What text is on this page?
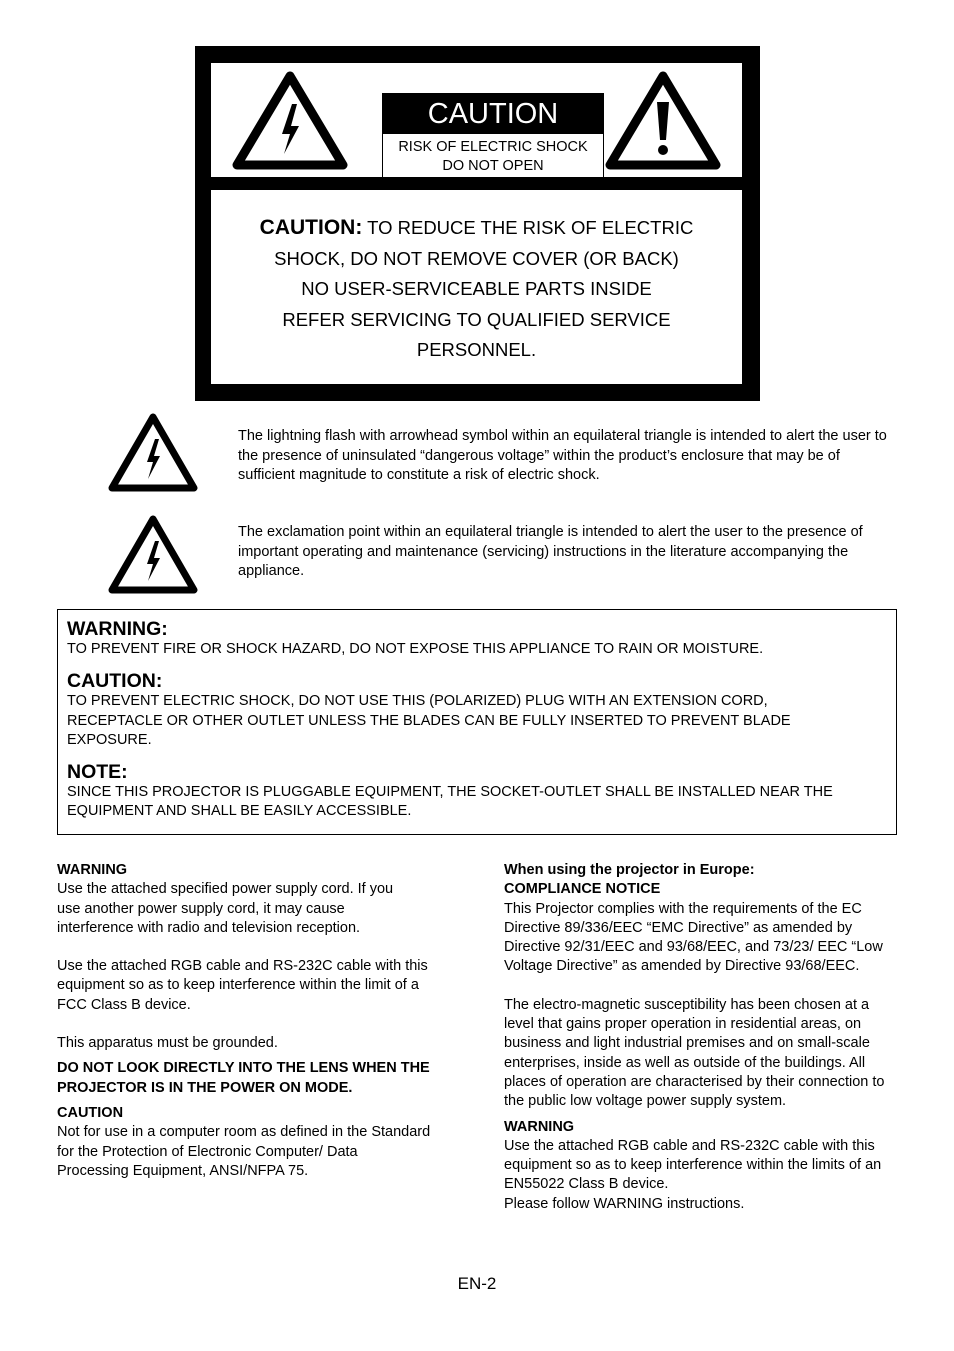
CAUTION
RISK OF ELECTRIC SHOCK
DO NOT OPEN
CAUTION: TO REDUCE THE RISK OF ELECTRIC
SHOCK, DO NOT REMOVE COVER (OR BACK)
NO USER-SERVICEABLE PARTS INSIDE
REFER SERVICING TO QUALIFIED SERVICE
PERSONNEL.
The lightning flash with arrowhead symbol within an equilateral triangle is intended to alert the user to the presence of uninsulated “dangerous voltage” within the product’s enclosure that may be of sufficient magnitude to constitute a risk of electric shock.
The exclamation point within an equilateral triangle is intended to alert the user to the presence of important operating and maintenance (servicing) instructions in the literature accompanying the appliance.
WARNING:
TO PREVENT FIRE OR SHOCK HAZARD, DO NOT EXPOSE THIS APPLIANCE TO RAIN OR MOISTURE.
CAUTION:
TO PREVENT ELECTRIC SHOCK, DO NOT USE THIS (POLARIZED) PLUG WITH AN EXTENSION CORD, RECEPTACLE OR OTHER OUTLET UNLESS THE BLADES CAN BE FULLY INSERTED TO PREVENT BLADE EXPOSURE.
NOTE:
SINCE THIS PROJECTOR IS PLUGGABLE EQUIPMENT, THE SOCKET-OUTLET SHALL BE INSTALLED NEAR THE EQUIPMENT AND SHALL BE EASILY ACCESSIBLE.
WARNING
Use the attached specified power supply cord. If you use another power supply cord, it may cause interference with radio and television reception.
Use the attached RGB cable and RS-232C cable with this equipment so as to keep interference within the limit of a FCC Class B device.
This apparatus must be grounded.
DO NOT LOOK DIRECTLY INTO THE LENS WHEN THE PROJECTOR IS IN THE POWER ON MODE.
CAUTION
Not for use in a computer room as defined in the Standard for the Protection of Electronic Computer/ Data Processing Equipment, ANSI/NFPA 75.
When using the projector in Europe:
COMPLIANCE NOTICE
This Projector complies with the requirements of the EC Directive 89/336/EEC “EMC Directive” as amended by Directive 92/31/EEC and 93/68/EEC, and 73/23/ EEC “Low Voltage Directive” as amended by Directive 93/68/EEC.
The electro-magnetic susceptibility has been chosen at a level that gains proper operation in residential areas, on business and light industrial premises and on small-scale enterprises, inside as well as outside of the buildings. All places of operation are characterised by their connection to the public low voltage power supply system.
WARNING
Use the attached RGB cable and RS-232C cable with this equipment so as to keep interference within the limits of an EN55022 Class B device.
Please follow WARNING instructions.
EN-2
